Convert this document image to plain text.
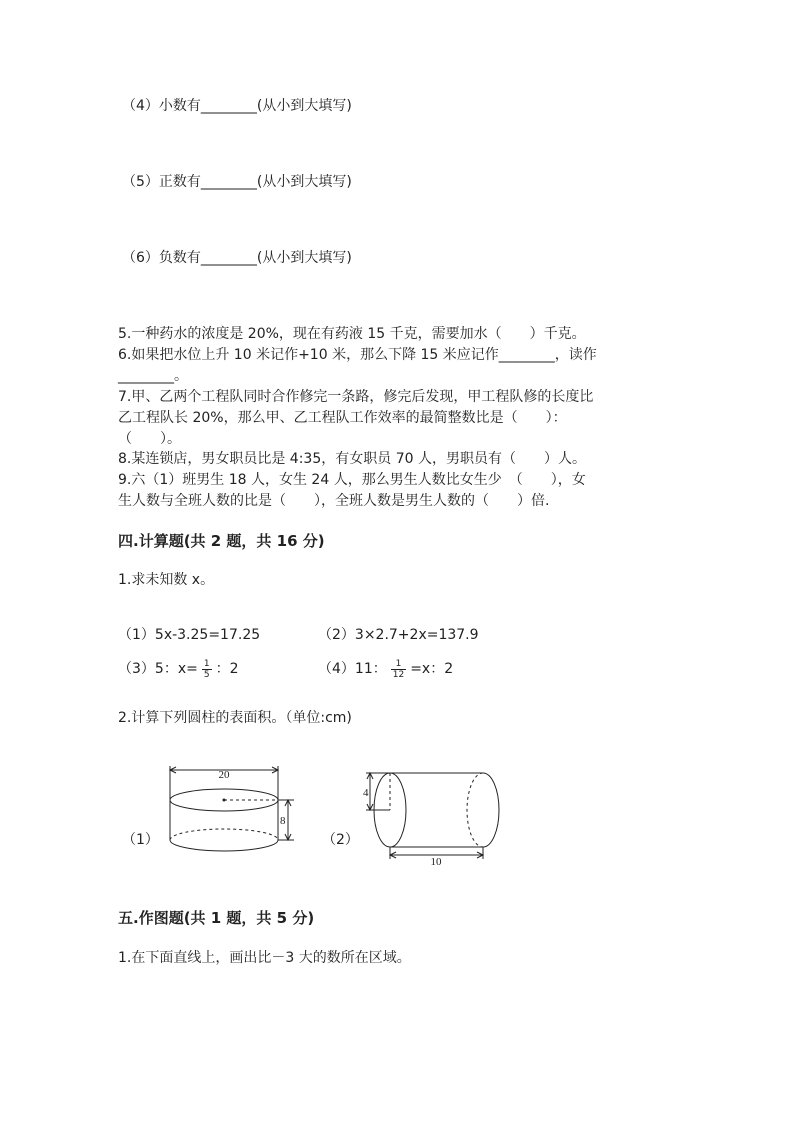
（4）小数有________(从小到大填写)
（5）正数有________(从小到大填写)
（6）负数有________(从小到大填写)
5.一种药水的浓度是 20%，现在有药液 15 千克，需要加水（　　）千克。
6.如果把水位上升 10 米记作+10 米，那么下降 15 米应记作________，读作
________。
7.甲、乙两个工程队同时合作修完一条路，修完后发现，甲工程队修的长度比
乙工程队长 20%，那么甲、乙工程队工作效率的最简整数比是（　　）：
（　　）。
8.某连锁店，男女职员比是 4:35，有女职员 70 人，男职员有（　　）人。
9.六（1）班男生 18 人，女生 24 人，那么男生人数比女生少　（　　），女
生人数与全班人数的比是（　　），全班人数是男生人数的（　　）倍.
四.计算题(共 2 题，共 16 分)
1.求未知数 x。
（1）5x-3.25=17.25	（2）3×2.7+2x=137.9
（3）5：$x= \frac{1}{5}$ ：2	（4）11： $\frac{1}{12} =x$：2
2.计算下列圆柱的表面积。（单位:cm)
（1）	（2）
20
8
4
10
五.作图题(共 1 题，共 5 分)
1.在下面直线上，画出比－3 大的数所在区域。
